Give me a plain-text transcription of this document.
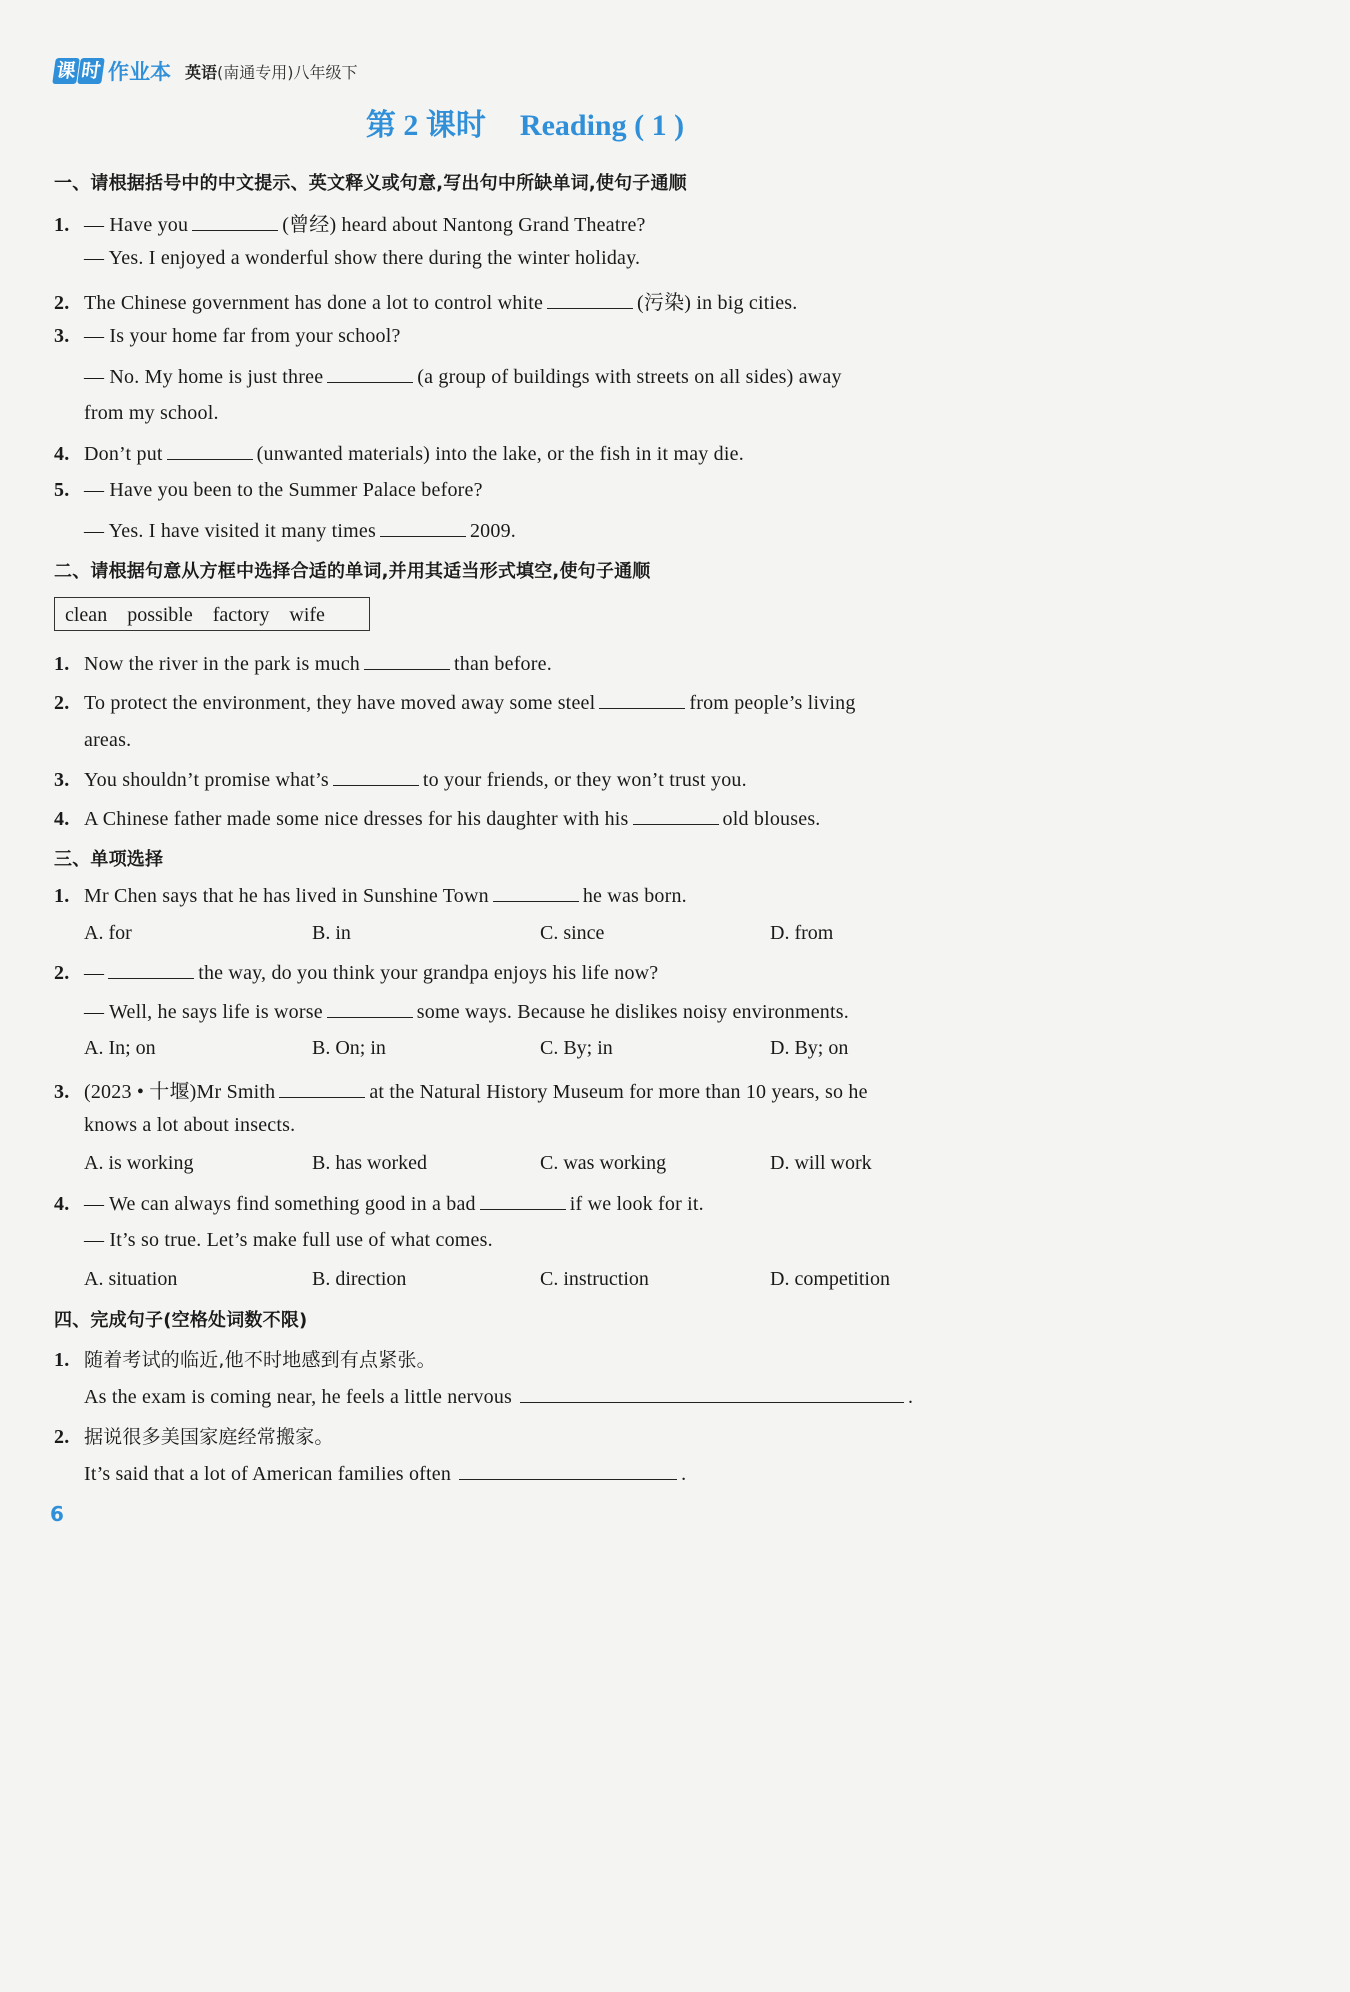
课 时 作业本 英语 (南通专用)八年级下
第 2 课时 Reading ( 1 )
一、请根据括号中的中文提示、英文释义或句意,写出句中所缺单词,使句子通顺
1. — Have you	(曾经) heard about Nantong Grand Theatre?
— Yes. I enjoyed a wonderful show there during the winter holiday.
2. The Chinese government has done a lot to control white	(污染) in big cities.
3. — Is your home far from your school?
— No. My home is just three	(a group of buildings with streets on all sides) away
from my school.
4. Don’t put	(unwanted materials) into the lake, or the fish in it may die.
5. — Have you been to the Summer Palace before?
— Yes. I have visited it many times	2009.
二、请根据句意从方框中选择合适的单词,并用其适当形式填空,使句子通顺
clean possible factory wife
1. Now the river in the park is much	than before.
2. To protect the environment, they have moved away some steel	from people’s living
areas.
3. You shouldn’t promise what’s	to your friends, or they won’t trust you.
4. A Chinese father made some nice dresses for his daughter with his	old blouses.
三、单项选择
1. Mr Chen says that he has lived in Sunshine Town	he was born.
A. for	B. in	C. since	D. from
2. —	the way, do you think your grandpa enjoys his life now?
— Well, he says life is worse	some ways. Because he dislikes noisy environments.
A. In; on	B. On; in	C. By; in	D. By; on
3. (2023 • 十堰)Mr Smith	at the Natural History Museum for more than 10 years, so he
knows a lot about insects.
A. is working	B. has worked	C. was working	D. will work
4. — We can always find something good in a bad	if we look for it.
— It’s so true. Let’s make full use of what comes.
A. situation	B. direction	C. instruction	D. competition
四、完成句子(空格处词数不限)
1. 随着考试的临近,他不时地感到有点紧张。
As the exam is coming near, he feels a little nervous	.
2. 据说很多美国家庭经常搬家。
It’s said that a lot of American families often	.
6
